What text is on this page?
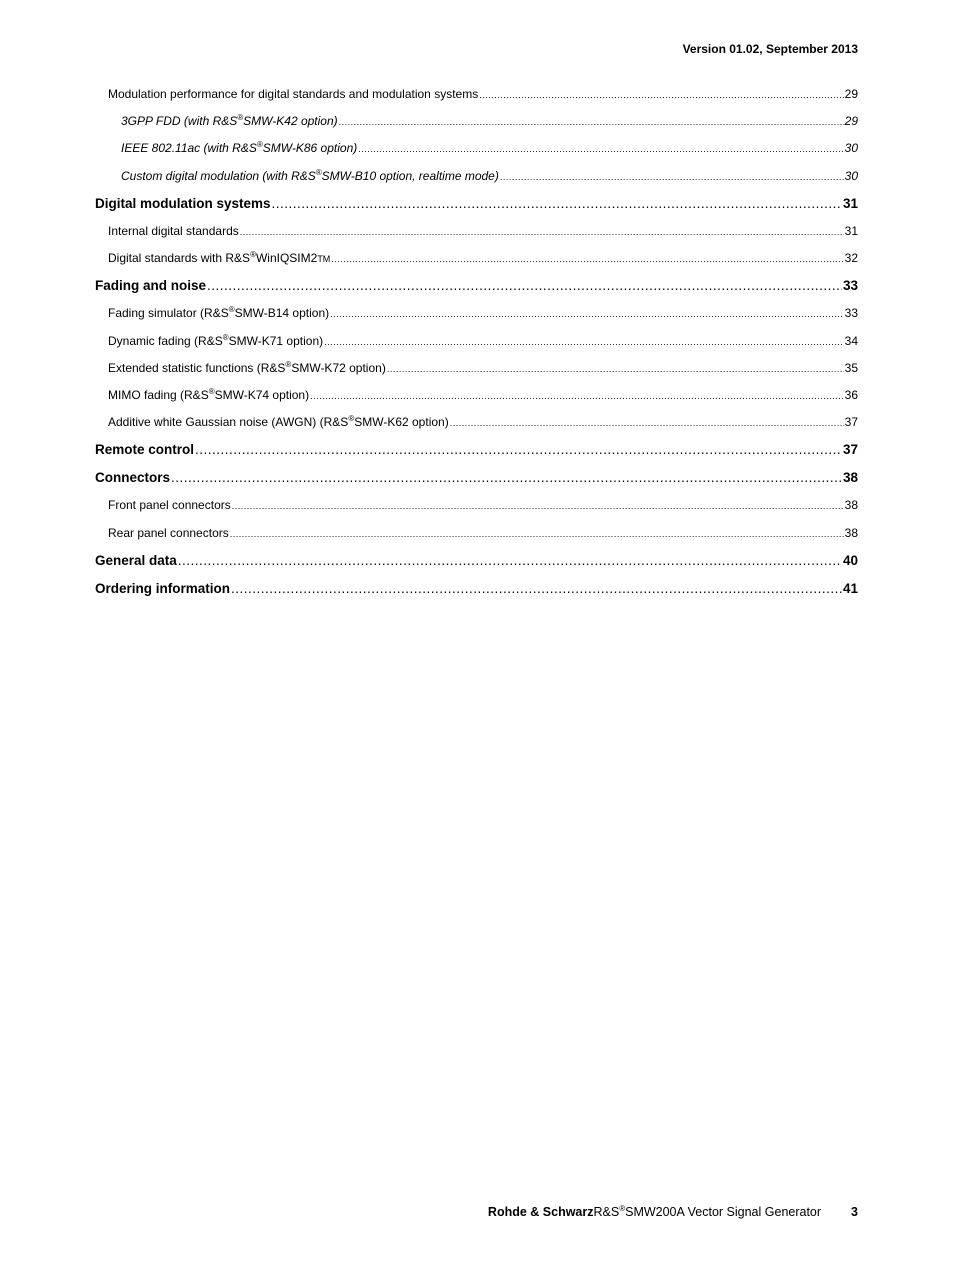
Version 01.02, September 2013
Modulation performance for digital standards and modulation systems .....	29
3GPP FDD (with R&S®SMW-K42 option) .....	29
IEEE 802.11ac (with R&S®SMW-K86 option) .....	30
Custom digital modulation (with R&S®SMW-B10 option, realtime mode) .....	30
Digital modulation systems .....	31
Internal digital standards .....	31
Digital standards with R&S®WinIQSIM2TM .....	32
Fading and noise .....	33
Fading simulator (R&S®SMW-B14 option) .....	33
Dynamic fading (R&S®SMW-K71 option) .....	34
Extended statistic functions (R&S®SMW-K72 option) .....	35
MIMO fading (R&S®SMW-K74 option) .....	36
Additive white Gaussian noise (AWGN) (R&S®SMW-K62 option) .....	37
Remote control .....	37
Connectors .....	38
Front panel connectors .....	38
Rear panel connectors .....	38
General data .....	40
Ordering information .....	41
Rohde & Schwarz R&S®SMW200A Vector Signal Generator 3
